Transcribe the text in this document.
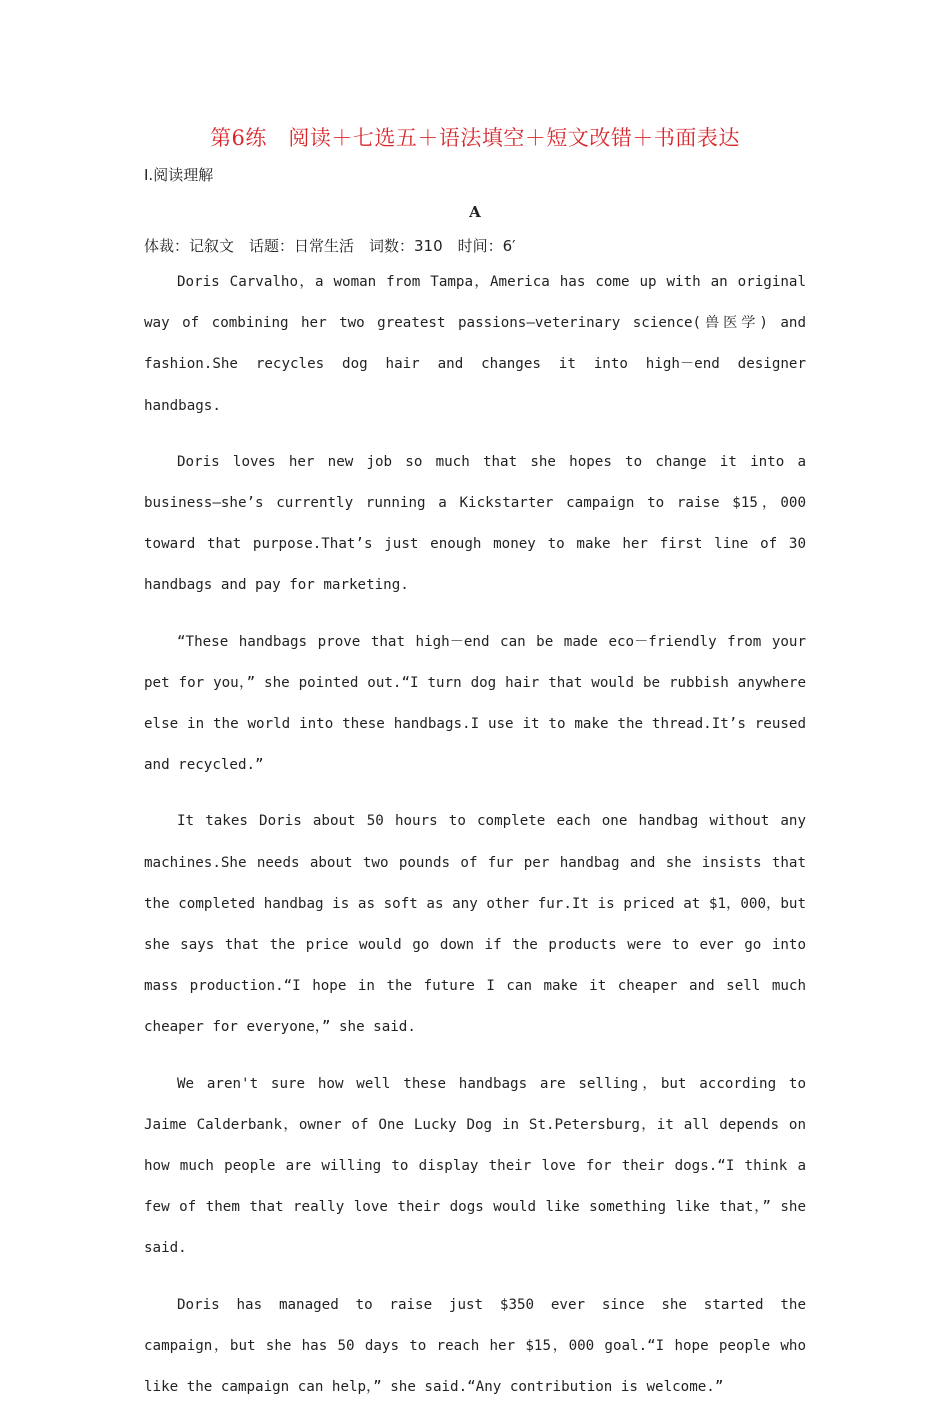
第6练　阅读＋七选五＋语法填空＋短文改错＋书面表达
Ⅰ.阅读理解
A
体裁：记叙文　话题：日常生活　词数：310　时间：6′

Doris Carvalho，a woman from Tampa，America has come up with an original way of combining her two greatest passions—veterinary science(兽医学) and fashion.She recycles dog hair and changes it into high－end designer handbags.

Doris loves her new job so much that she hopes to change it into a business—she’s currently running a Kickstarter campaign to raise $15，000 toward that purpose.That’s just enough money to make her first line of 30 handbags and pay for marketing.

“These handbags prove that high－end can be made eco－friendly from your pet for you，” she pointed out.“I turn dog hair that would be rubbish anywhere else in the world into these handbags.I use it to make the thread.It’s reused and recycled.”

It takes Doris about 50 hours to complete each one handbag without any machines.She needs about two pounds of fur per handbag and she insists that the completed handbag is as soft as any other fur.It is priced at $1，000，but she says that the price would go down if the products were to ever go into mass production.“I hope in the future I can make it cheaper and sell much cheaper for everyone，” she said.

We aren't sure how well these handbags are selling，but according to Jaime Calderbank，owner of One Lucky Dog in St.Petersburg，it all depends on how much people are willing to display their love for their dogs.“I think a few of them that really love their dogs would like something like that，” she said.

Doris has managed to raise just $350 ever since she started the campaign，but she has 50 days to reach her $15，000 goal.“I hope people who like the campaign can help，” she said.“Any contribution is welcome.”
